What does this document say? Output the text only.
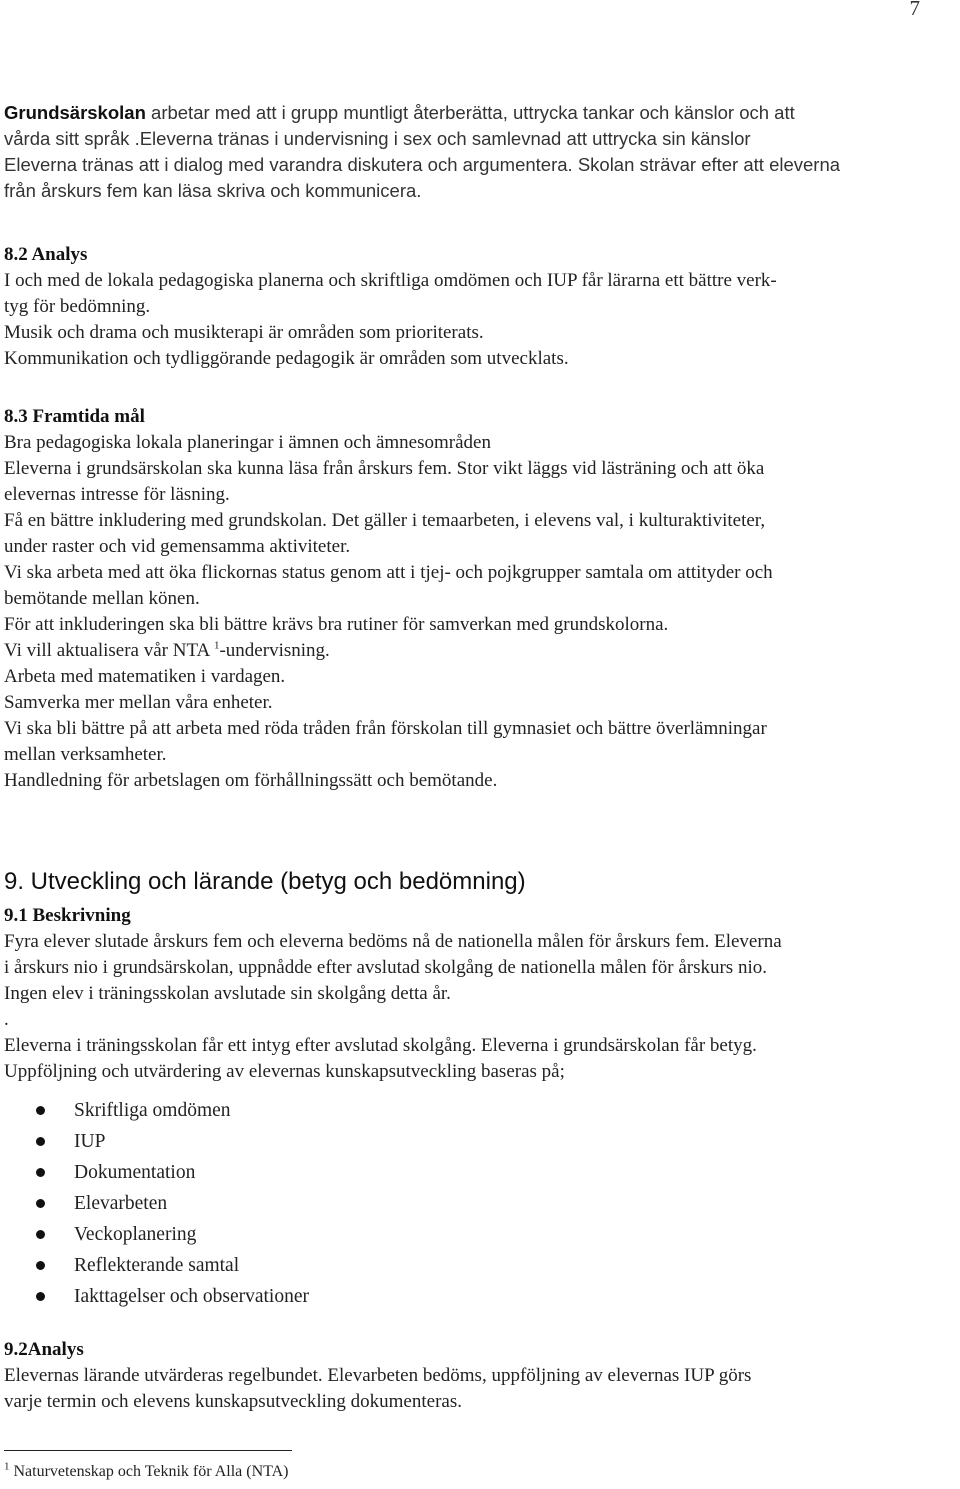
7
Grundsärskolan arbetar med att i grupp muntligt återberätta, uttrycka tankar och känslor och att
vårda sitt språk .Eleverna tränas i undervisning i sex och samlevnad att uttrycka sin känslor
Eleverna tränas att i dialog med varandra diskutera och argumentera. Skolan strävar efter att eleverna
från årskurs fem kan läsa skriva och kommunicera.
8.2 Analys
I och med de lokala pedagogiska planerna och skriftliga omdömen och IUP får lärarna ett bättre verk-
tyg för bedömning.
Musik och drama och musikterapi är områden som prioriterats.
Kommunikation och tydliggörande pedagogik är områden som utvecklats.
8.3 Framtida mål
Bra pedagogiska lokala planeringar i ämnen och ämnesområden
Eleverna i grundsärskolan ska kunna läsa från årskurs fem. Stor vikt läggs vid lästräning och att öka
elevernas intresse för läsning.
Få en bättre inkludering med grundskolan. Det gäller i temaarbeten, i elevens val, i kulturaktiviteter,
under raster och vid gemensamma aktiviteter.
Vi ska arbeta med att öka flickornas status genom att i tjej- och pojkgrupper samtala om attityder och
bemötande mellan könen.
För att inkluderingen ska bli bättre krävs bra rutiner för samverkan med grundskolorna.
Vi vill aktualisera vår NTA $^1$-undervisning.
Arbeta med matematiken i vardagen.
Samverka mer mellan våra enheter.
Vi ska bli bättre på att arbeta med röda tråden från förskolan till gymnasiet och bättre överlämningar
mellan verksamheter.
Handledning för arbetslagen om förhållningssätt och bemötande.
9. Utveckling och lärande (betyg och bedömning)
9.1 Beskrivning
Fyra elever slutade årskurs fem och eleverna bedöms nå de nationella målen för årskurs fem. Eleverna
i årskurs nio i grundsärskolan, uppnådde efter avslutad skolgång de nationella målen för årskurs nio.
Ingen elev i träningsskolan avslutade sin skolgång detta år.
.
Eleverna i träningsskolan får ett intyg efter avslutad skolgång. Eleverna i grundsärskolan får betyg.
Uppföljning och utvärdering av elevernas kunskapsutveckling baseras på;
Skriftliga omdömen
IUP
Dokumentation
Elevarbeten
Veckoplanering
Reflekterande samtal
Iakttagelser och observationer
9.2Analys
Elevernas lärande utvärderas regelbundet. Elevarbeten bedöms, uppföljning av elevernas IUP görs
varje termin och elevens kunskapsutveckling dokumenteras.
$^1$ Naturvetenskap och Teknik för Alla (NTA)
